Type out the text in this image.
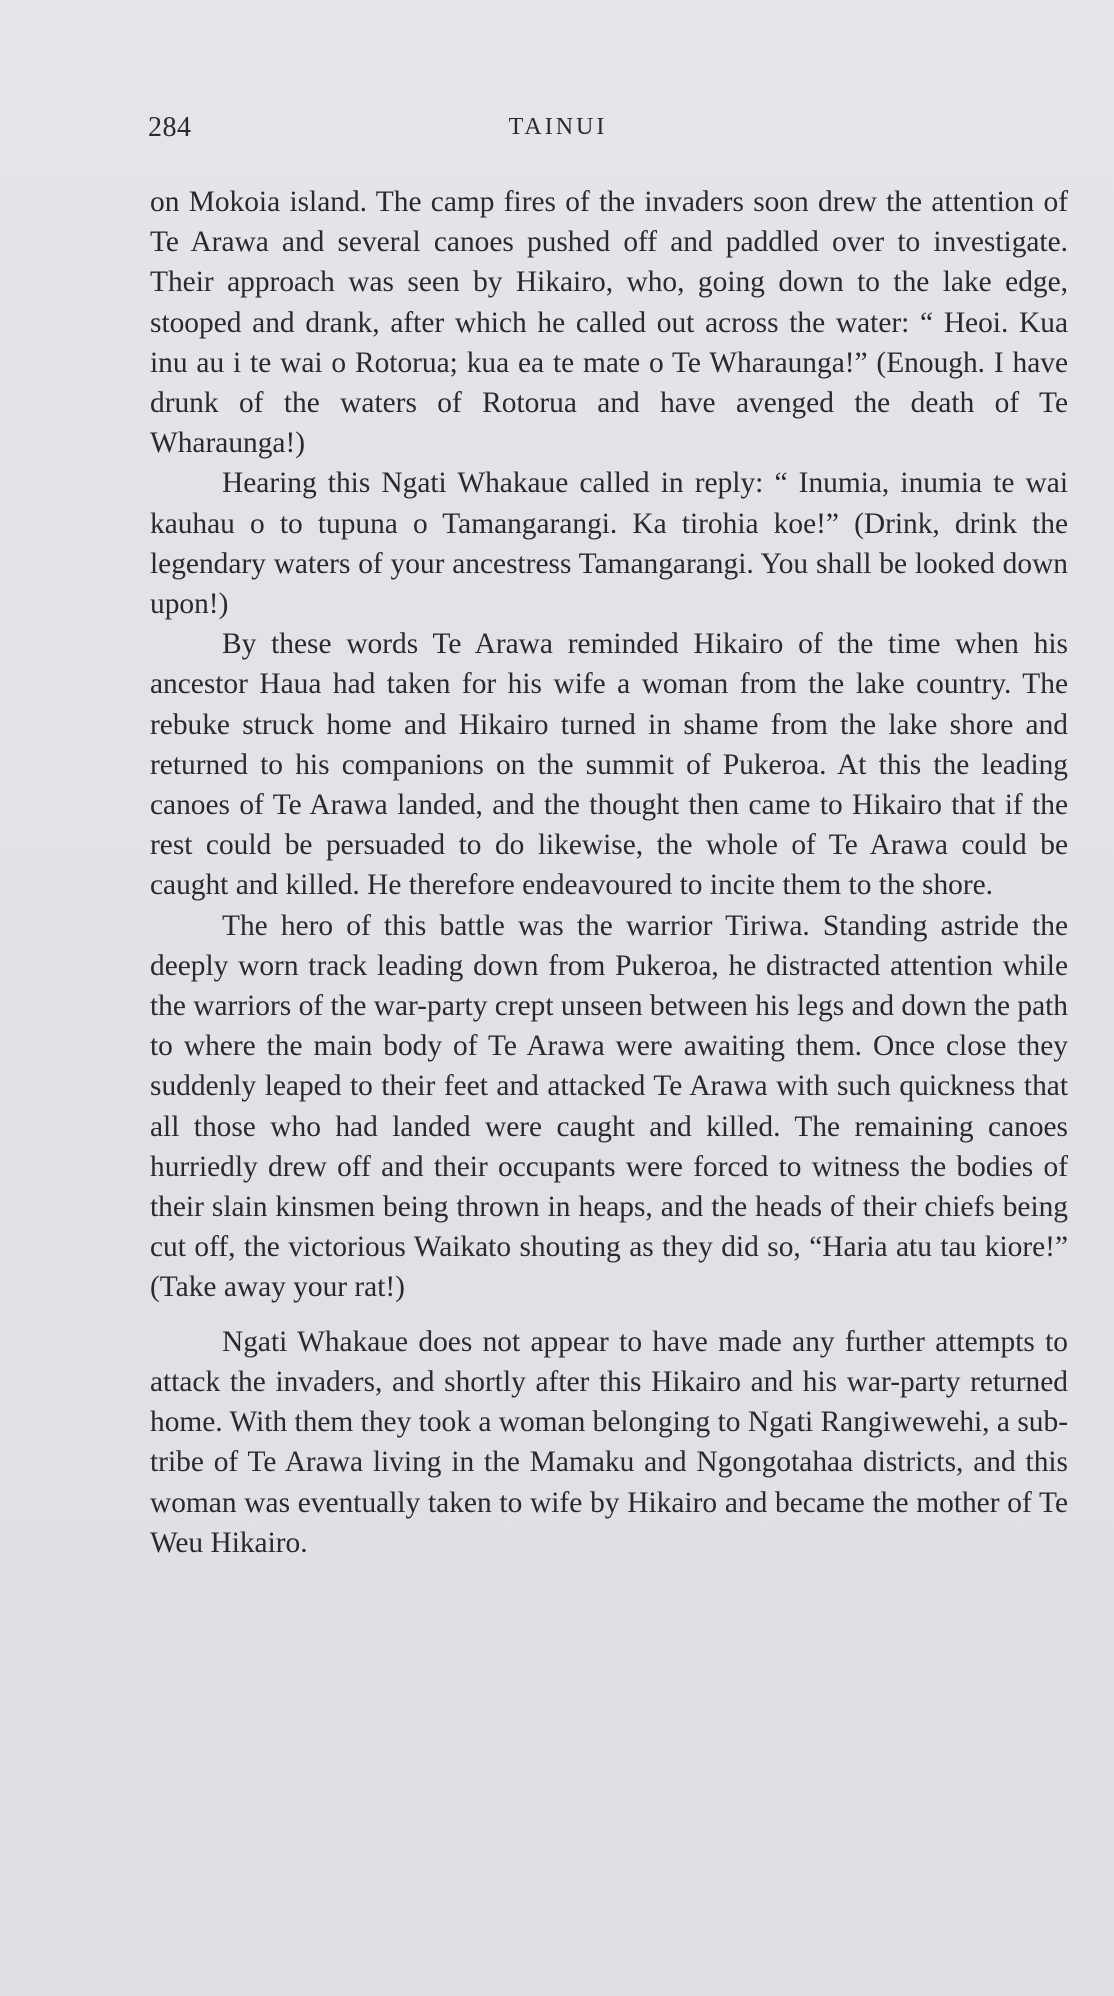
284	TAINUI

on Mokoia island. The camp fires of the invaders soon drew the attention of Te Arawa and several canoes pushed off and paddled over to investigate. Their approach was seen by Hikairo, who, going down to the lake edge, stooped and drank, after which he called out across the water: “ Heoi. Kua inu au i te wai o Rotorua; kua ea te mate o Te Wharaunga!” (Enough. I have drunk of the waters of Rotorua and have avenged the death of Te Wharaunga!)

Hearing this Ngati Whakaue called in reply: “ Inumia, inumia te wai kauhau o to tupuna o Tamangarangi. Ka tirohia koe!” (Drink, drink the legendary waters of your ancestress Tamangarangi. You shall be looked down upon!)

By these words Te Arawa reminded Hikairo of the time when his ancestor Haua had taken for his wife a woman from the lake country. The rebuke struck home and Hikairo turned in shame from the lake shore and returned to his companions on the summit of Pukeroa. At this the leading canoes of Te Arawa landed, and the thought then came to Hikairo that if the rest could be persuaded to do likewise, the whole of Te Arawa could be caught and killed. He therefore endeavoured to incite them to the shore.

The hero of this battle was the warrior Tiriwa. Standing astride the deeply worn track leading down from Pukeroa, he distracted attention while the warriors of the war-party crept unseen between his legs and down the path to where the main body of Te Arawa were awaiting them. Once close they suddenly leaped to their feet and attacked Te Arawa with such quickness that all those who had landed were caught and killed. The remaining canoes hurriedly drew off and their occupants were forced to witness the bodies of their slain kinsmen being thrown in heaps, and the heads of their chiefs being cut off, the victorious Waikato shouting as they did so, “Haria atu tau kiore!” (Take away your rat!)

Ngati Whakaue does not appear to have made any further attempts to attack the invaders, and shortly after this Hikairo and his war-party returned home. With them they took a woman belonging to Ngati Rangiwewehi, a sub-tribe of Te Arawa living in the Mamaku and Ngongotahaa districts, and this woman was eventually taken to wife by Hikairo and became the mother of Te Weu Hikairo.
